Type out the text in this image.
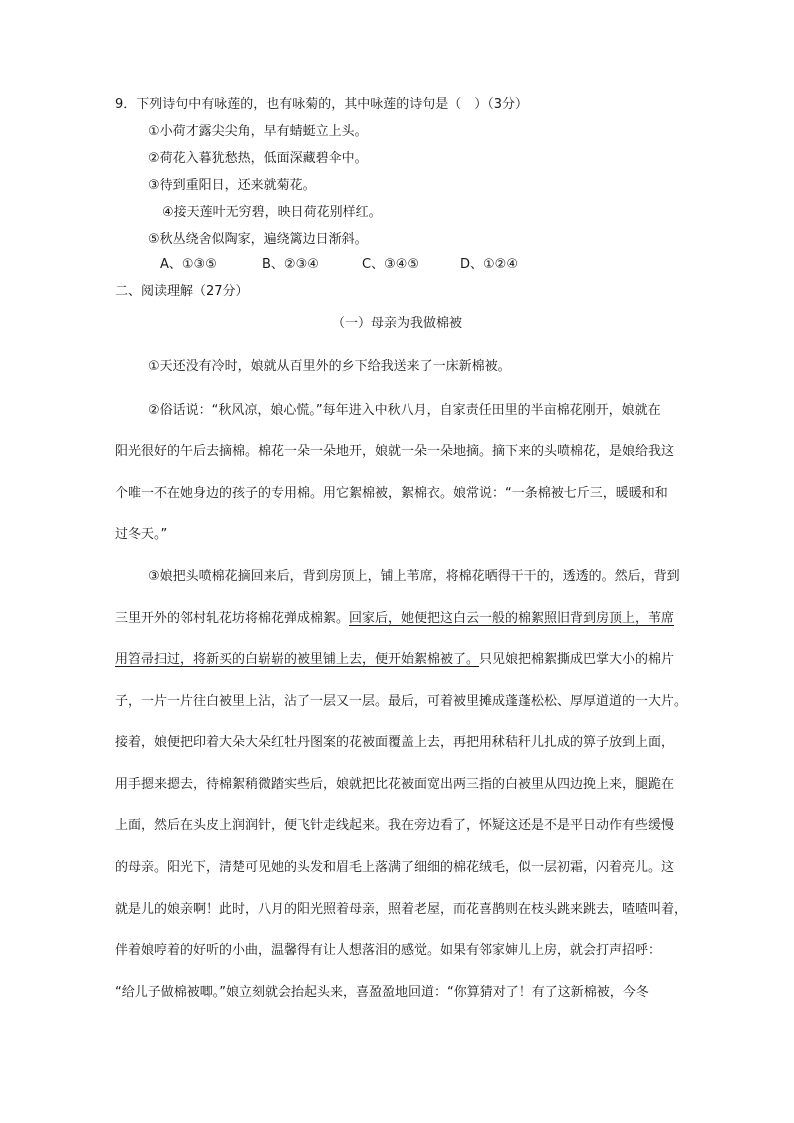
9．下列诗句中有咏莲的，也有咏菊的，其中咏莲的诗句是（　）（3分）
①小荷才露尖尖角，早有蜻蜓立上头。
②荷花入暮犹愁热，低面深藏碧伞中。
③待到重阳日，还来就菊花。
④接天莲叶无穷碧，映日荷花别样红。
⑤秋丛绕舍似陶家，遍绕篱边日渐斜。
A、①③⑤	B、②③④	C、③④⑤	D、①②④
二、阅读理解（27分）
（一）母亲为我做棉被
①天还没有冷时，娘就从百里外的乡下给我送来了一床新棉被。
②俗话说：“秋风凉，娘心慌。”每年进入中秋八月，自家责任田里的半亩棉花刚开，娘就在
阳光很好的午后去摘棉。棉花一朵一朵地开，娘就一朵一朵地摘。摘下来的头喷棉花，是娘给我这
个唯一不在她身边的孩子的专用棉。用它絮棉被，絮棉衣。娘常说：“一条棉被七斤三，暖暖和和
过冬天。”
③娘把头喷棉花摘回来后，背到房顶上，铺上苇席，将棉花晒得干干的，透透的。然后，背到
三里开外的邻村轧花坊将棉花弹成棉絮。回家后，她便把这白云一般的棉絮照旧背到房顶上，苇席
用笤帚扫过，将新买的白崭崭的被里铺上去，便开始絮棉被了。只见娘把棉絮撕成巴掌大小的棉片
子，一片一片往白被里上沾，沾了一层又一层。最后，可着被里摊成蓬蓬松松、厚厚道道的一大片。
接着，娘便把印着大朵大朵红牡丹图案的花被面覆盖上去，再把用秫秸秆儿扎成的箅子放到上面，
用手摁来摁去，待棉絮稍微踏实些后，娘就把比花被面宽出两三指的白被里从四边挽上来，腿跪在
上面，然后在头皮上润润针，便飞针走线起来。我在旁边看了，怀疑这还是不是平日动作有些缓慢
的母亲。阳光下，清楚可见她的头发和眉毛上落满了细细的棉花绒毛，似一层初霜，闪着亮儿。这
就是儿的娘亲啊！此时，八月的阳光照着母亲，照着老屋，而花喜鹊则在枝头跳来跳去，喳喳叫着，
伴着娘哼着的好听的小曲，温馨得有让人想落泪的感觉。如果有邻家婶儿上房，就会打声招呼：
“给儿子做棉被唧。”娘立刻就会抬起头来，喜盈盈地回道：“你算猜对了！有了这新棉被，今冬
